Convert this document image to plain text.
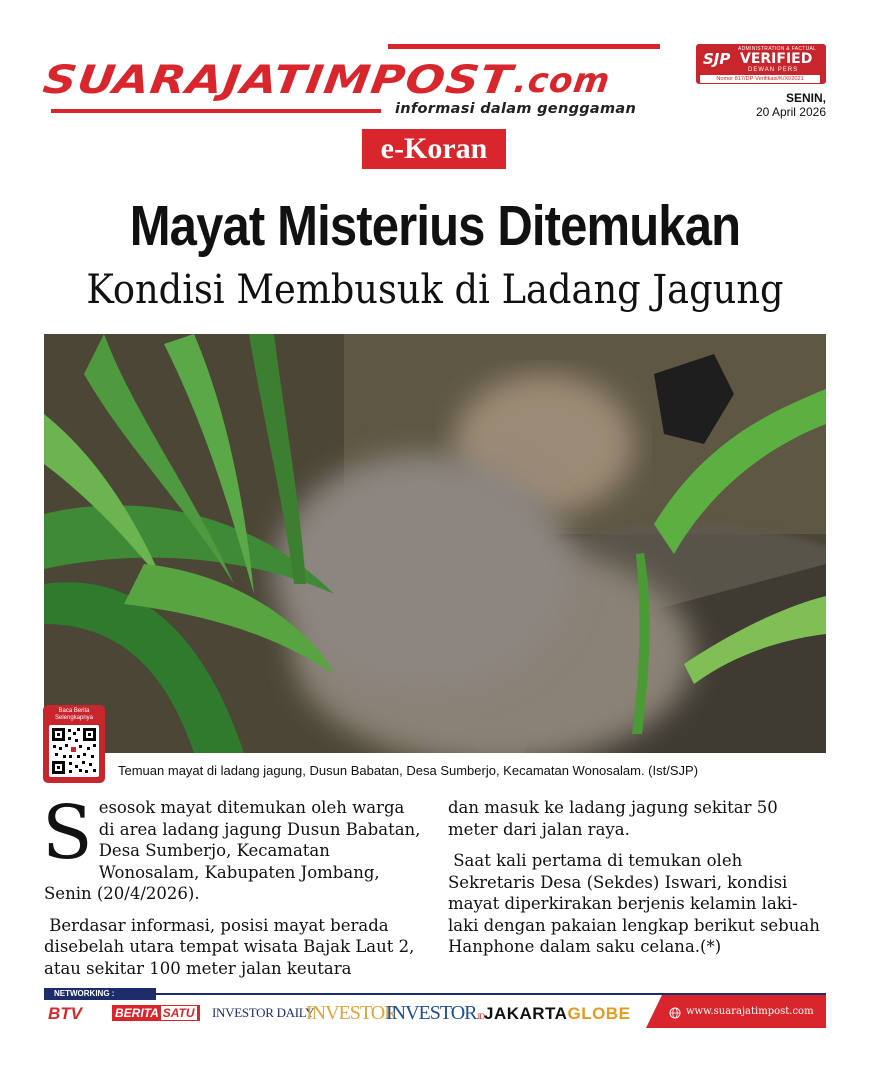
SUARAJATIMPOST
.com
informasi dalam genggaman
SJP
ADMINISTRATION & FACTUAL
VERIFIED
DEWAN PERS
Nomor 817/DP-Verifikasi/K/XI/2021
SENIN,
20 April 2026
e-Koran
Mayat Misterius Ditemukan
Kondisi Membusuk di Ladang Jagung
Temuan mayat di ladang jagung, Dusun Babatan, Desa Sumberjo, Kecamatan Wonosalam. (Ist/SJP)
Baca Berita Selengkapnya

Sesosok mayat ditemukan oleh warga di area ladang jagung Dusun Babatan, Desa Sumberjo, Kecamatan Wonosalam, Kabupaten Jombang, Senin (20/4/2026).

Berdasar informasi, posisi mayat berada disebelah utara tempat wisata Bajak Laut 2, atau sekitar 100 meter jalan keutara

dan masuk ke ladang jagung sekitar 50 meter dari jalan raya.

Saat kali pertama di temukan oleh Sekretaris Desa (Sekdes) Iswari, kondisi mayat diperkirakan berjenis kelamin laki-laki dengan pakaian lengkap berikut sebuah Hanphone dalam saku celana.(*)

NETWORKING :
BTV	BERITA SATU	INVESTOR DAILY
INVESTOR
INVESTOR.ID JAKARTAGLOBE	www.suarajatimpost.com
